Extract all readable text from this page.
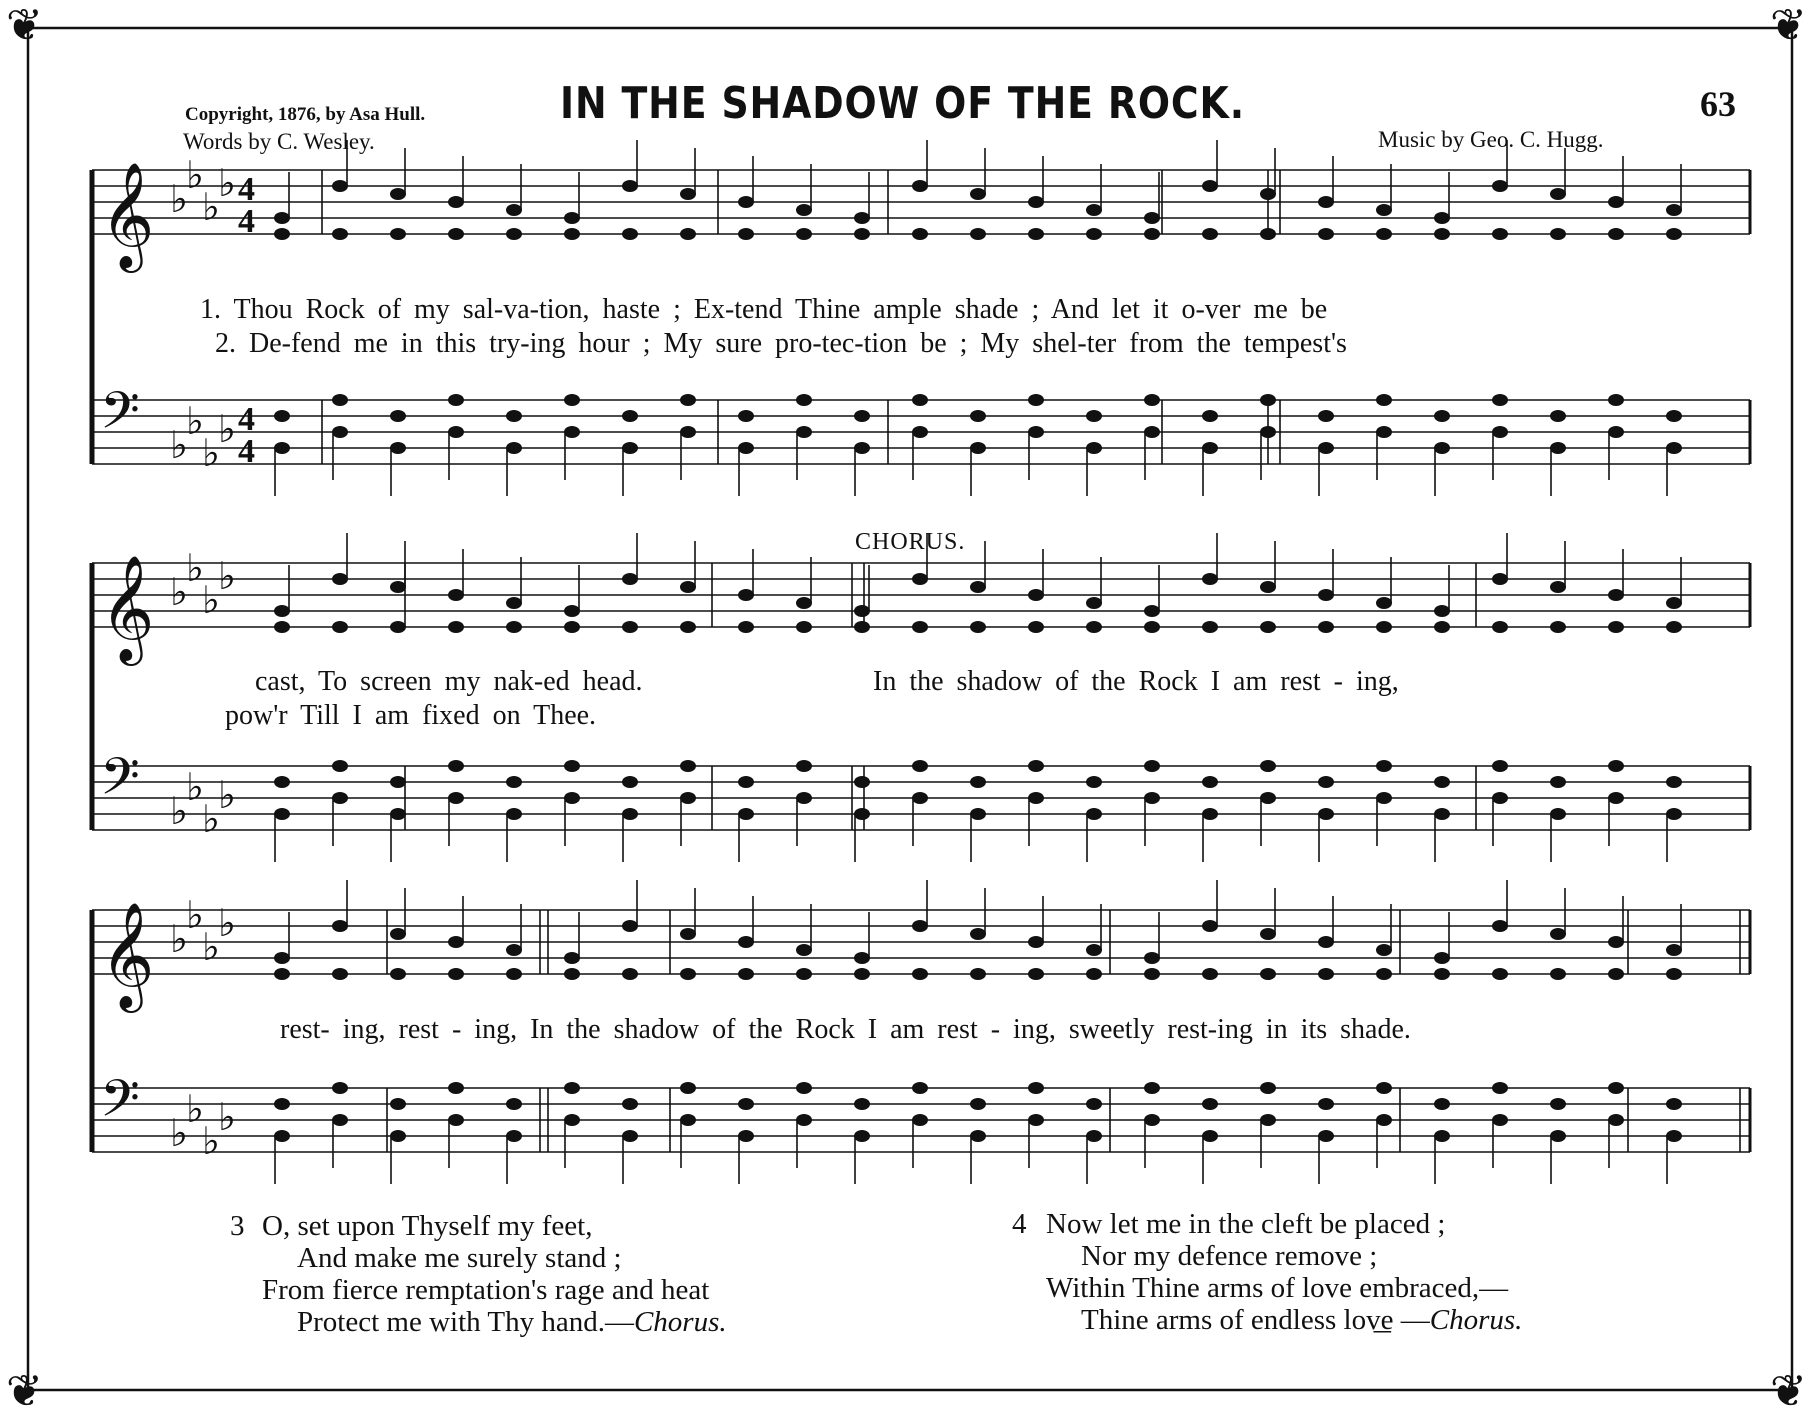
❦	❦
❦	❦
Copyright, 1876, by Asa Hull.
Words by C. Wesley.
IN THE SHADOW OF THE ROCK.	63
Music by Geo. C. Hugg.
𝄞 ♭
♭
♭
♭
𝄢 ♭
♭
♭
♭
4
4
4
4
𝄞 ♭
♭
♭
♭
𝄢 ♭
♭
♭
♭
𝄞 ♭
♭
♭
♭
𝄢 ♭
♭
♭
♭
1. Thou Rock of my sal-va-tion, haste ; Ex-tend Thine ample shade ; And let it o-ver me be
2. De-fend me in this try-ing hour ; My sure pro-tec-tion be ; My shel-ter from the tempest's
CHORUS.
cast, To screen my nak-ed head.
pow'r Till I am fixed on Thee.
In the shadow of the Rock I am rest - ing,
rest- ing, rest - ing, In the shadow of the Rock I am rest - ing, sweetly rest-ing in its shade.
3 O, set upon Thyself my feet,
And make me surely stand ;
From fierce remptation's rage and heat
Protect me with Thy hand.—Chorus.
4 Now let me in the cleft be placed ;
Nor my defence remove ;
Within Thine arms of love embraced,—
Thine arms of endless lov͟e —Chorus.
